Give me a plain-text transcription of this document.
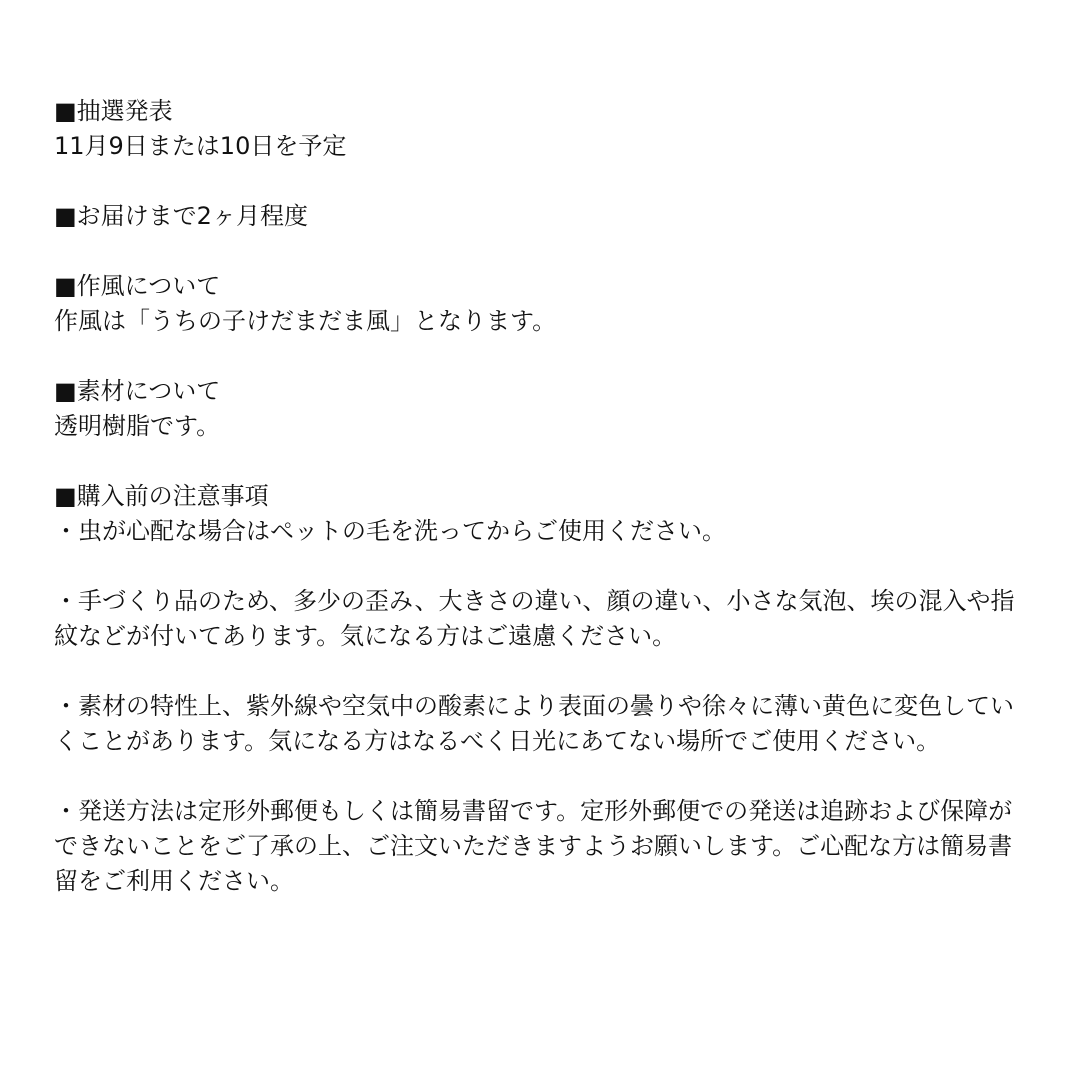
■抽選発表
11月9日または10日を予定
■お届けまで2ヶ月程度
■作風について
作風は「うちの子けだまだま風」となります。
■素材について
透明樹脂です。
■購入前の注意事項
・虫が心配な場合はペットの毛を洗ってからご使用ください。
・手づくり品のため、多少の歪み、大きさの違い、顔の違い、小さな気泡、埃の混入や指紋などが付いてあります。気になる方はご遠慮ください。
・素材の特性上、紫外線や空気中の酸素により表面の曇りや徐々に薄い黄色に変色していくことがあります。気になる方はなるべく日光にあてない場所でご使用ください。
・発送方法は定形外郵便もしくは簡易書留です。定形外郵便での発送は追跡および保障ができないことをご了承の上、ご注文いただきますようお願いします。ご心配な方は簡易書留をご利用ください。
